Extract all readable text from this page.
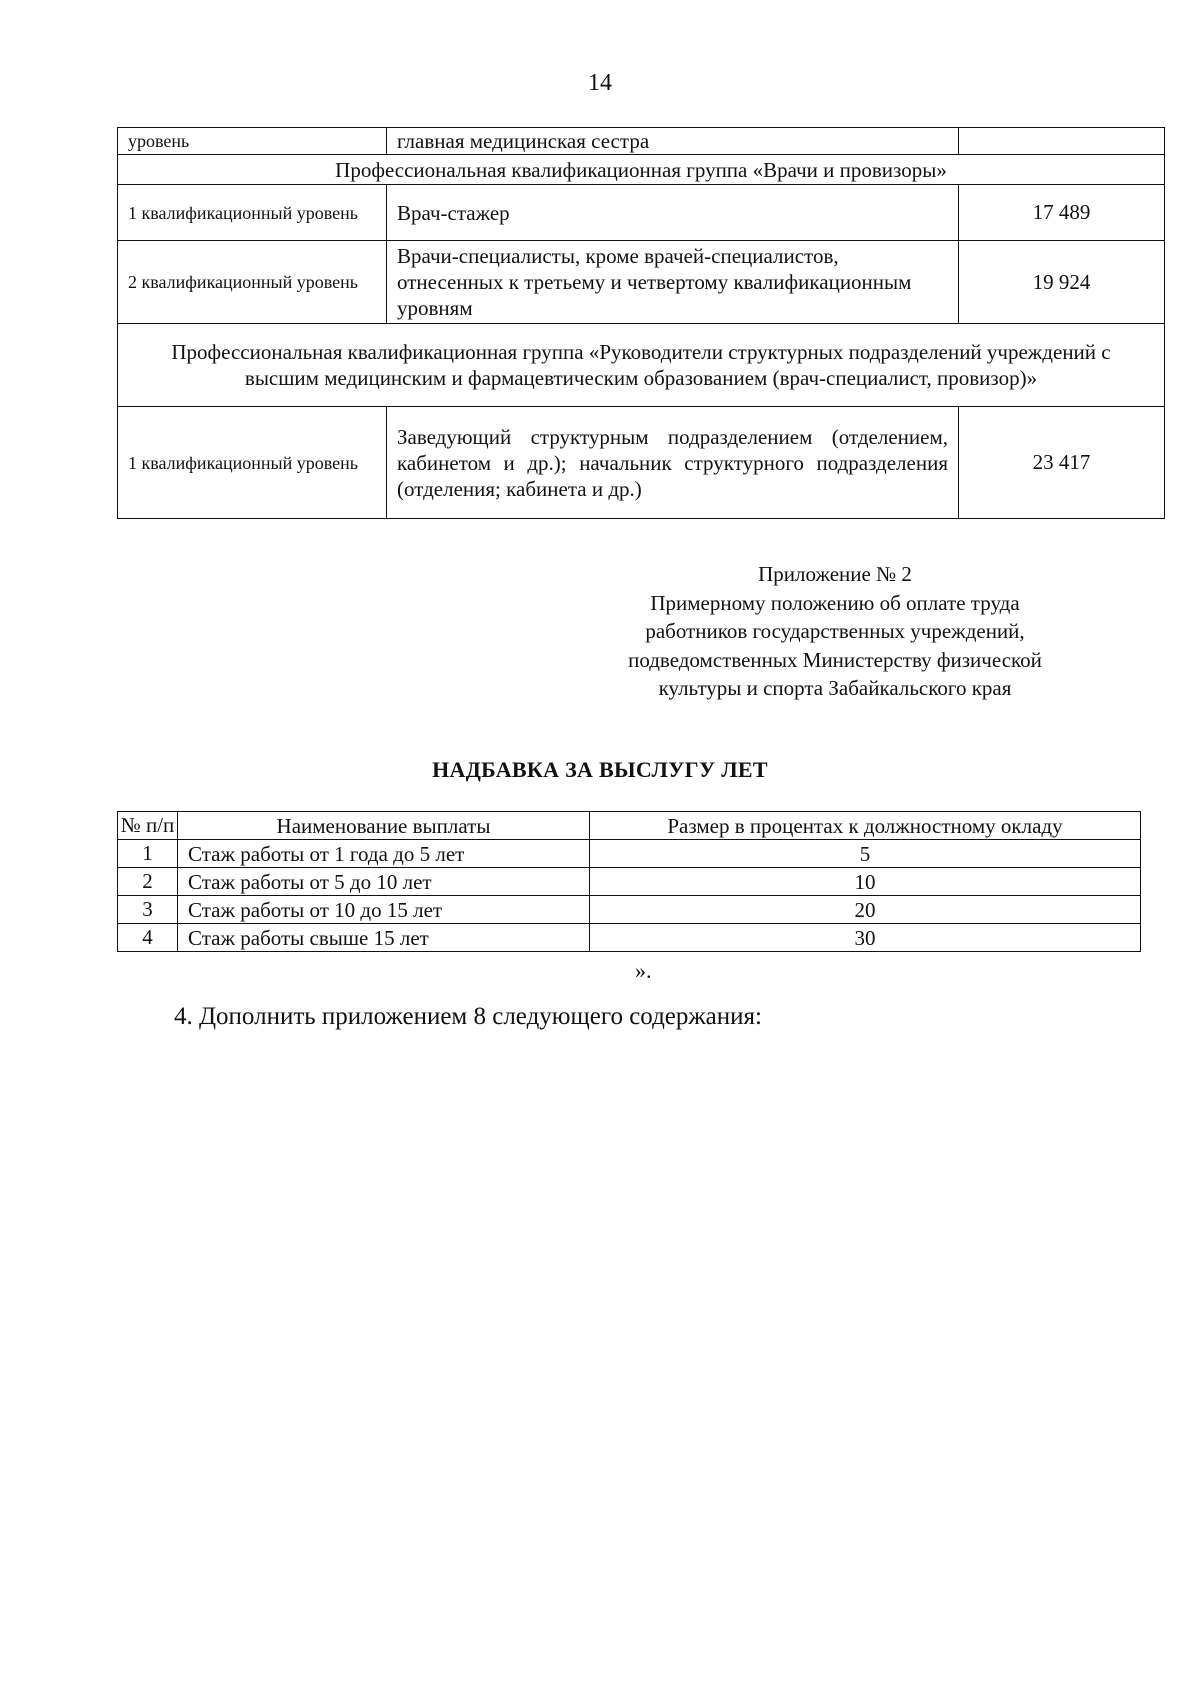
14
уровень	главная медицинская сестра	
Профессиональная квалификационная группа «Врачи и провизоры»		
1 квалификационный уровень	Врач-стажер	17 489
2 квалификационный уровень	Врачи-специалисты, кроме врачей-специалистов, отнесенных к третьему и четвертому квалификационным уровням	19 924
Профессиональная квалификационная группа «Руководители структурных подразделений учреждений с высшим медицинским и фармацевтическим образованием (врач-специалист, провизор)»		
1 квалификационный уровень	Заведующий структурным подразделением (отделением, кабинетом и др.); начальник структурного подразделения (отделения; кабинета и др.)	23 417
Приложение № 2
Примерному положению об оплате труда
работников государственных учреждений,
подведомственных Министерству физической
культуры и спорта Забайкальского края
НАДБАВКА ЗА ВЫСЛУГУ ЛЕТ
№ п/п	Наименование выплаты	Размер в процентах к должностному окладу
1	Стаж работы от 1 года до 5 лет	5
2	Стаж работы от 5 до 10 лет	10
3	Стаж работы от 10 до 15 лет	20
4	Стаж работы свыше 15 лет	30
».
4. Дополнить приложением 8 следующего содержания:
